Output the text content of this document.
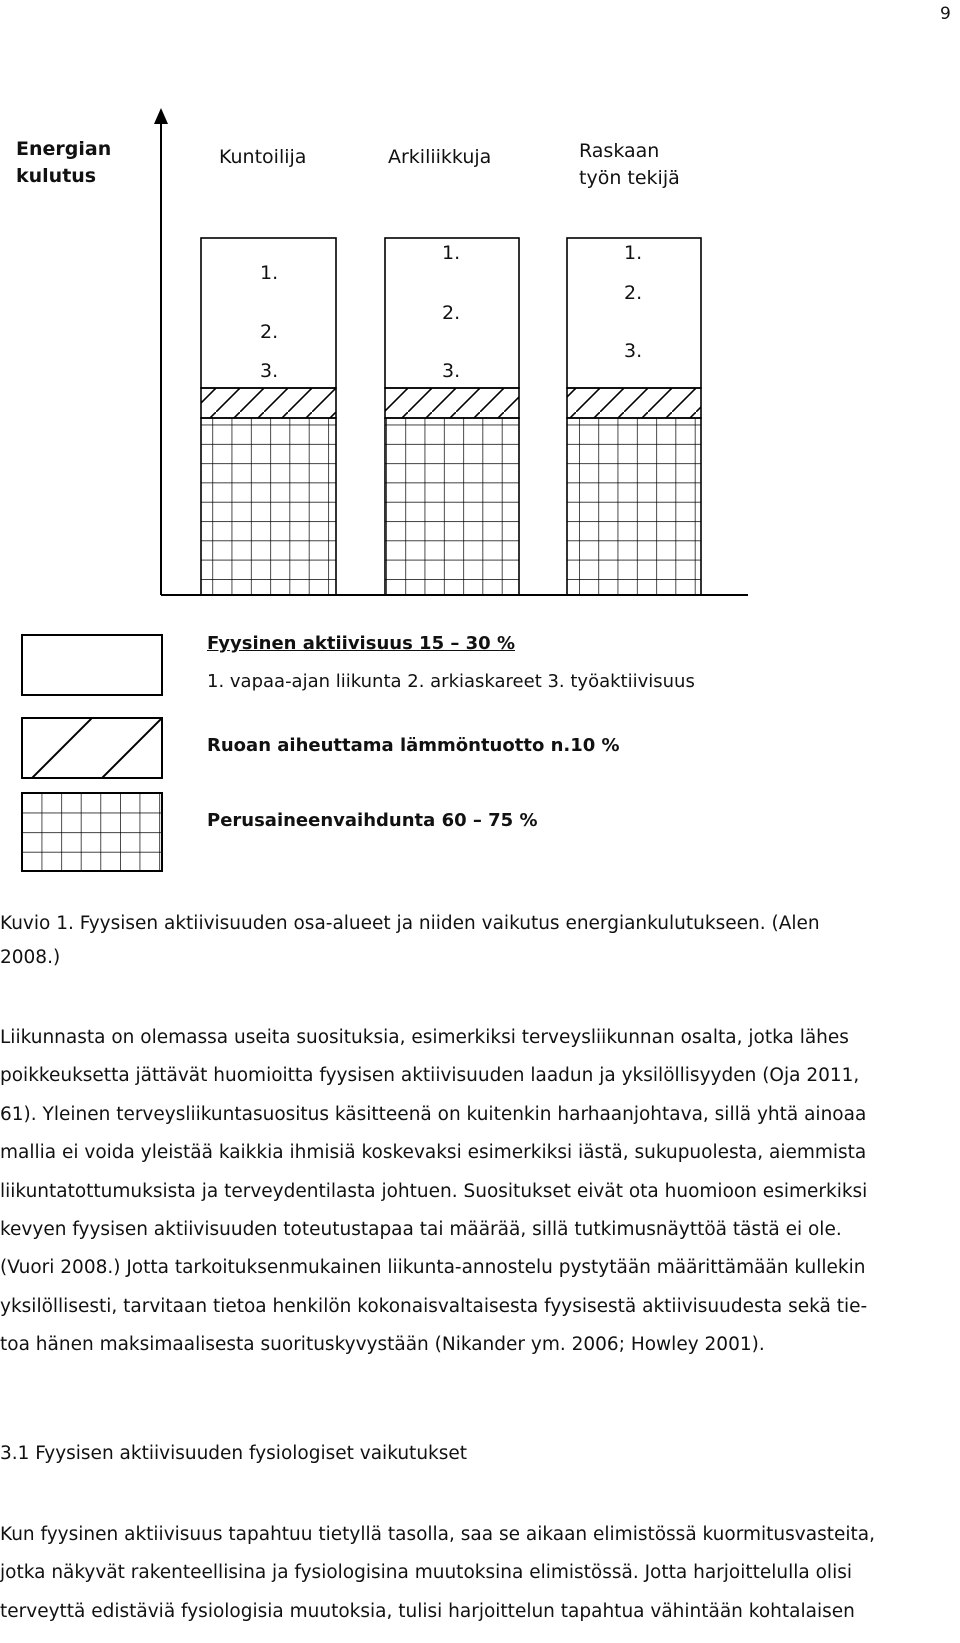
9
Energian
kulutus
Kuntoilija	Arkiliikkuja	Raskaan
työn tekijä
1.
2.
3.
1.
2.
3.
1.
2.
3.
Fyysinen aktiivisuus 15 – 30 %
1. vapaa-ajan liikunta 2. arkiaskareet 3. työaktiivisuus
Ruoan aiheuttama lämmöntuotto n.10 %
Perusaineenvaihdunta 60 – 75 %
Kuvio 1. Fyysisen aktiivisuuden osa-alueet ja niiden vaikutus energiankulutukseen. (Alen
2008.)
Liikunnasta on olemassa useita suosituksia, esimerkiksi terveysliikunnan osalta, jotka lähes
poikkeuksetta jättävät huomioitta fyysisen aktiivisuuden laadun ja yksilöllisyyden (Oja 2011,
61). Yleinen terveysliikuntasuositus käsitteenä on kuitenkin harhaanjohtava, sillä yhtä ainoaa
mallia ei voida yleistää kaikkia ihmisiä koskevaksi esimerkiksi iästä, sukupuolesta, aiemmista
liikuntatottumuksista ja terveydentilasta johtuen. Suositukset eivät ota huomioon esimerkiksi
kevyen fyysisen aktiivisuuden toteutustapaa tai määrää, sillä tutkimusnäyttöä tästä ei ole.
(Vuori 2008.) Jotta tarkoituksenmukainen liikunta-annostelu pystytään määrittämään kullekin
yksilöllisesti, tarvitaan tietoa henkilön kokonaisvaltaisesta fyysisestä aktiivisuudesta sekä tie-
toa hänen maksimaalisesta suorituskyvystään (Nikander ym. 2006; Howley 2001).
3.1 Fyysisen aktiivisuuden fysiologiset vaikutukset
Kun fyysinen aktiivisuus tapahtuu tietyllä tasolla, saa se aikaan elimistössä kuormitusvasteita,
jotka näkyvät rakenteellisina ja fysiologisina muutoksina elimistössä. Jotta harjoittelulla olisi
terveyttä edistäviä fysiologisia muutoksia, tulisi harjoittelun tapahtua vähintään kohtalaisen
